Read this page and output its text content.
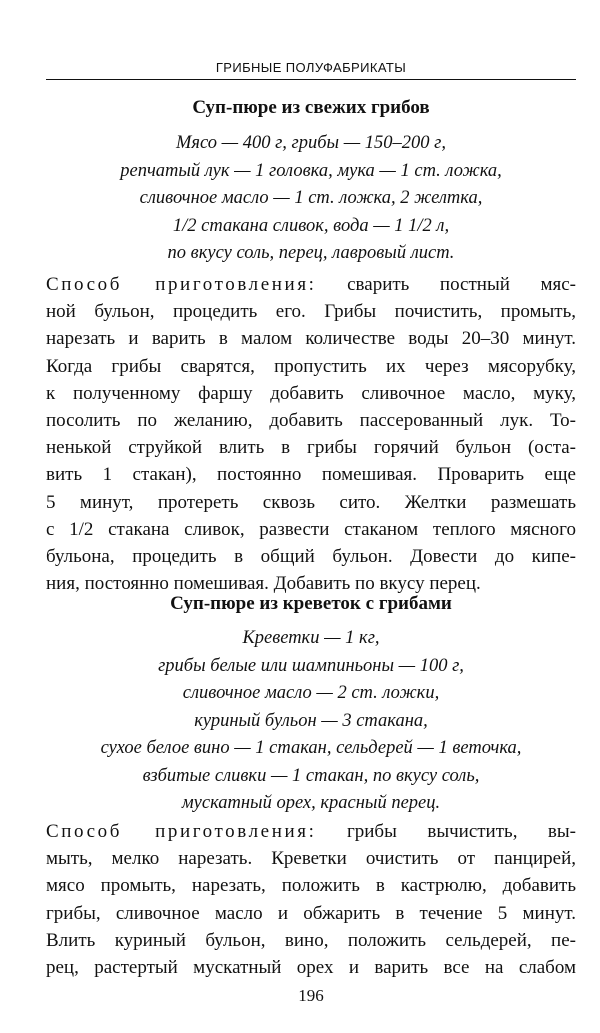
ГРИБНЫЕ ПОЛУФАБРИКАТЫ
Суп-пюре из свежих грибов
Мясо — 400 г, грибы — 150–200 г,
репчатый лук — 1 головка, мука — 1 ст. ложка,
сливочное масло — 1 ст. ложка, 2 желтка,
1/2 стакана сливок, вода — 1 1/2 л,
по вкусу соль, перец, лавровый лист.
Способ приготовления: сварить постный мяс-
ной бульон, процедить его. Грибы почистить, промыть,
нарезать и варить в малом количестве воды 20–30 минут.
Когда грибы сварятся, пропустить их через мясорубку,
к полученному фаршу добавить сливочное масло, муку,
посолить по желанию, добавить пассерованный лук. То-
ненькой струйкой влить в грибы горячий бульон (оста-
вить 1 стакан), постоянно помешивая. Проварить еще
5 минут, протереть сквозь сито. Желтки размешать
с 1/2 стакана сливок, развести стаканом теплого мясного
бульона, процедить в общий бульон. Довести до кипе-
ния, постоянно помешивая. Добавить по вкусу перец.
Суп-пюре из креветок с грибами
Креветки — 1 кг,
грибы белые или шампиньоны — 100 г,
сливочное масло — 2 ст. ложки,
куриный бульон — 3 стакана,
сухое белое вино — 1 стакан, сельдерей — 1 веточка,
взбитые сливки — 1 стакан, по вкусу соль,
мускатный орех, красный перец.
Способ приготовления: грибы вычистить, вы-
мыть, мелко нарезать. Креветки очистить от панцирей,
мясо промыть, нарезать, положить в кастрюлю, добавить
грибы, сливочное масло и обжарить в течение 5 минут.
Влить куриный бульон, вино, положить сельдерей, пе-
рец, растертый мускатный орех и варить все на слабом
196
